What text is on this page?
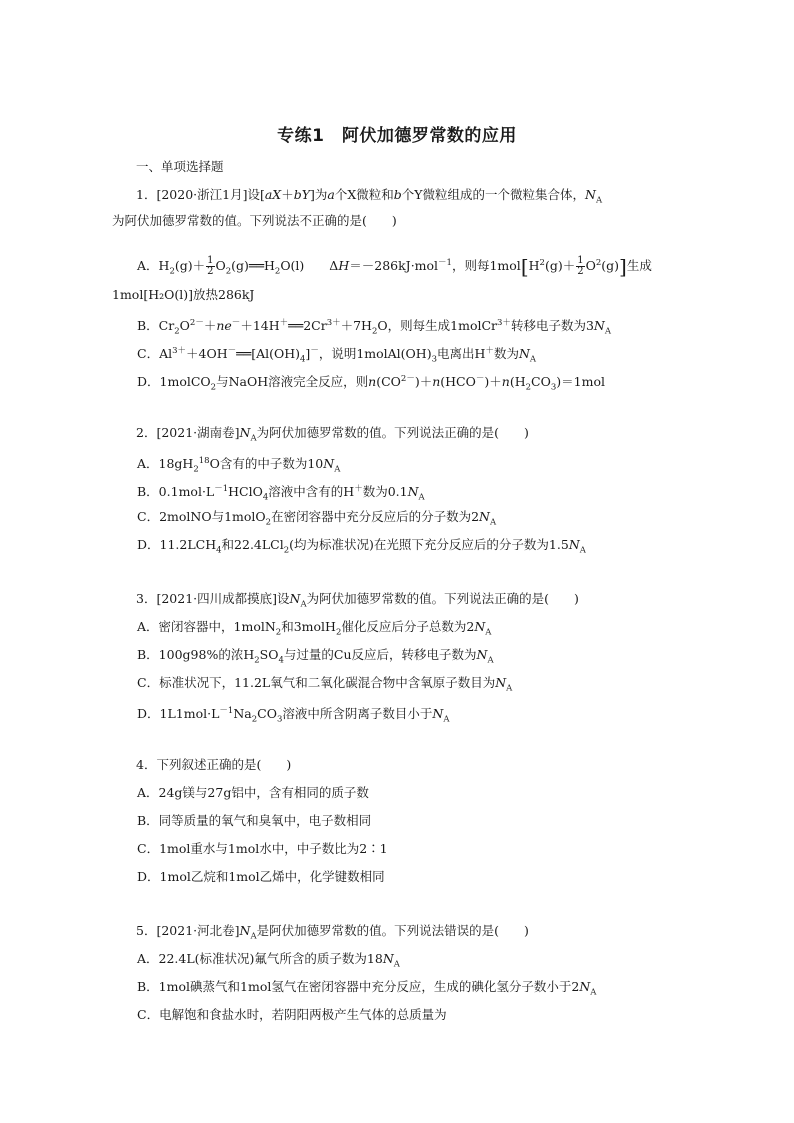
专练1　阿伏加德罗常数的应用
一、单项选择题
1．[2020·浙江1月]设[aX＋bY]为a个X微粒和b个Y微粒组成的一个微粒集合体，$N_A$
为阿伏加德罗常数的值。下列说法不正确的是(　　)
A．$H_2(g)+ \frac{1}{2}$ $O_2(g)══H_2O(l)$　　ΔH＝－286kJ·mol$^{-1}$，则每$1mol[H^2(g)+ \frac{1}{2} O^2(g)]$生成
1mol[H₂O(l)]放热286kJ
B．$Cr_2O^{2-}+ne^-+14H^+══2Cr^{3+}+7H_2O$，则每生成1molCr$^{3+}$转移电子数为$3N_A$
C．$Al^{3+}+4OH^-══[Al(OH)_4]^-$，说明$1molAl(OH)_3$电离出H＋数为$N_A$
D．1molCO$_2$与NaOH溶液完全反应，则$n(CO^{2-})+n(HCO^-)+n(H_2CO_3)=1mol$
2．[2021·湖南卷]$N_A$为阿伏加德罗常数的值。下列说法正确的是(　　)
A．$18gH_2^{18}O$含有的中子数为$10N_A$
B．$0.1mol\cdot L^{-1}HClO_4$溶液中含有的H＋数为$0.1N_A$
C．2molNO与1molO$_2$在密闭容器中充分反应后的分子数为$2N_A$
D．$11.2LCH_4$和22.4LCl$_2$(均为标准状况)在光照下充分反应后的分子数为$1.5N_A$
3．[2021·四川成都摸底]设$N_A$为阿伏加德罗常数的值。下列说法正确的是(　　)
A．密闭容器中，1molN$_2$和3molH$_2$催化反应后分子总数为$2N_A$
B．100g98%的浓$H_2SO_4$与过量的Cu反应后，转移电子数为$N_A$
C．标准状况下，11.2L氧气和二氧化碳混合物中含氧原子数目为$N_A$
D．$1L1mol\cdot L^{-1}Na_2CO_3$溶液中所含阴离子数目小于$N_A$
4．下列叙述正确的是(　　)
A．24g镁与27g铝中，含有相同的质子数
B．同等质量的氧气和臭氧中，电子数相同
C．1mol重水与1mol水中，中子数比为2∶1
D．1mol乙烷和1mol乙烯中，化学键数相同
5．[2021·河北卷]$N_A$是阿伏加德罗常数的值。下列说法错误的是(　　)
A．22.4L(标准状况)氟气所含的质子数为$18N_A$
B．1mol碘蒸气和1mol氢气在密闭容器中充分反应，生成的碘化氢分子数小于$2N_A$
C．电解饱和食盐水时，若阴阳两极产生气体的总质量为
